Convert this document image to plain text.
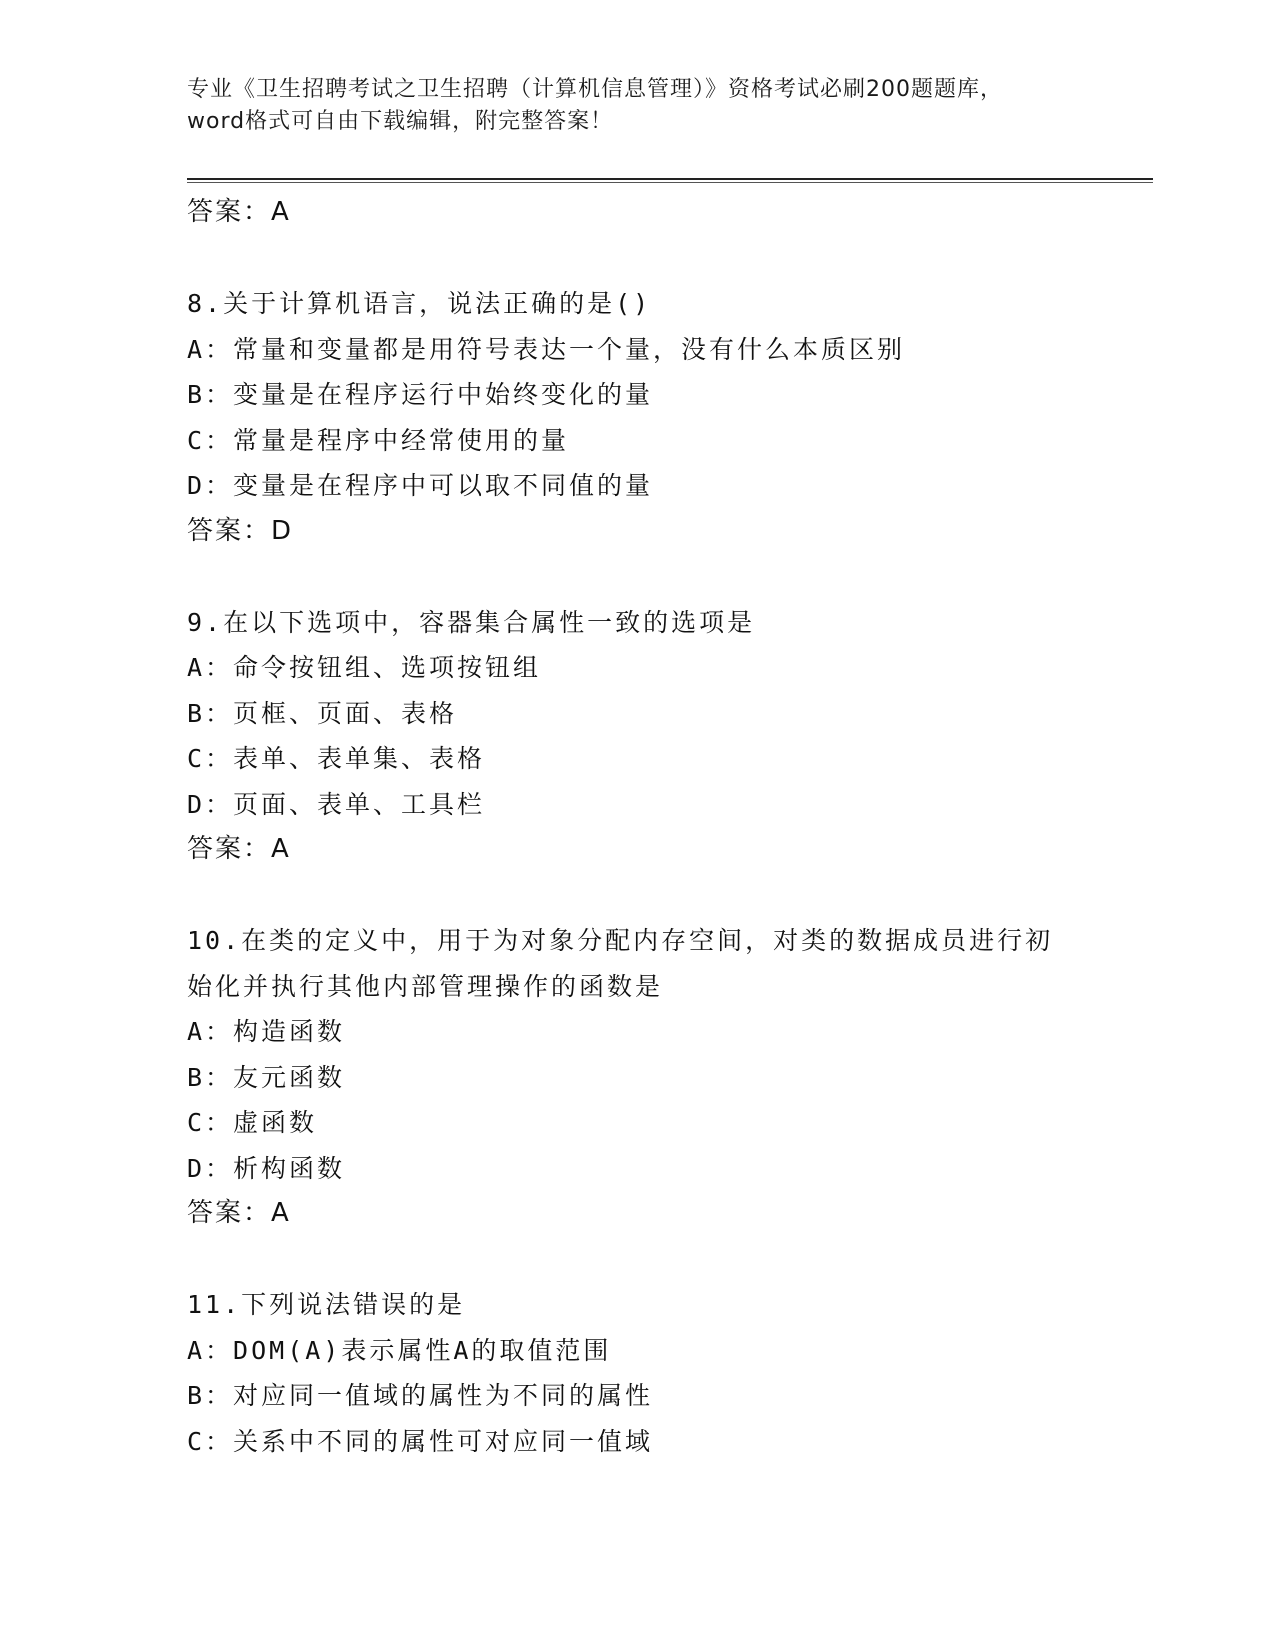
专业《卫生招聘考试之卫生招聘（计算机信息管理）》资格考试必刷200题题库，
word格式可自由下载编辑，附完整答案！
答案：A
8.关于计算机语言，说法正确的是()
A：常量和变量都是用符号表达一个量，没有什么本质区别
B：变量是在程序运行中始终变化的量
C：常量是程序中经常使用的量
D：变量是在程序中可以取不同值的量
答案：D
9.在以下选项中，容器集合属性一致的选项是
A：命令按钮组、选项按钮组
B：页框、页面、表格
C：表单、表单集、表格
D：页面、表单、工具栏
答案：A
10.在类的定义中，用于为对象分配内存空间，对类的数据成员进行初
始化并执行其他内部管理操作的函数是
A：构造函数
B：友元函数
C：虚函数
D：析构函数
答案：A
11.下列说法错误的是
A：DOM(A)表示属性A的取值范围
B：对应同一值域的属性为不同的属性
C：关系中不同的属性可对应同一值域
